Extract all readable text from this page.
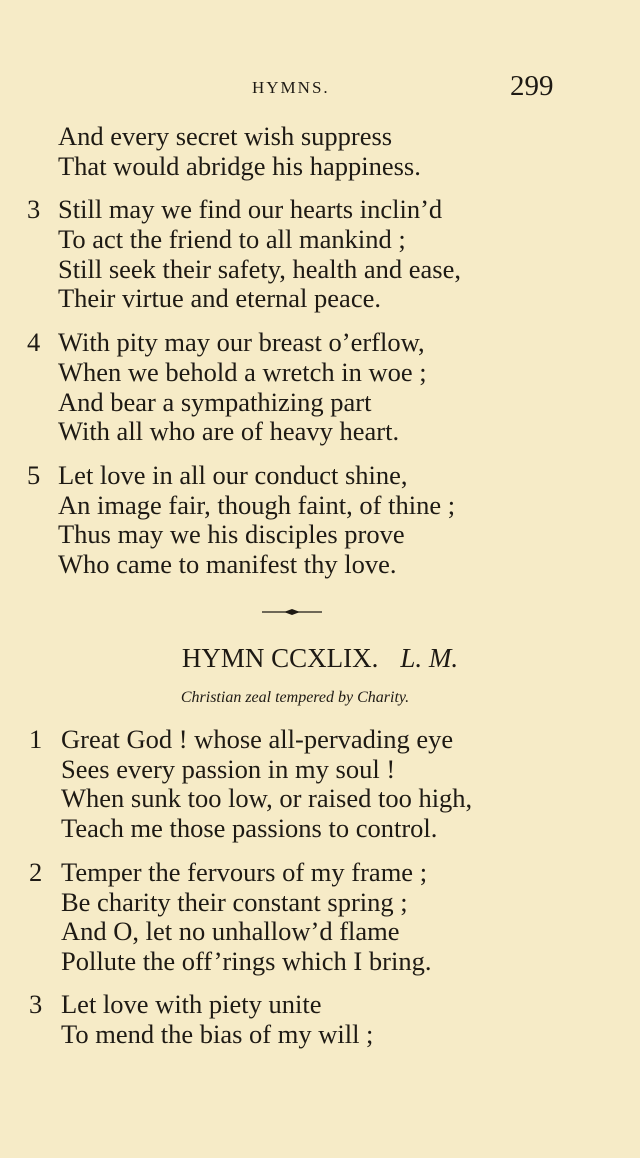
HYMNS.	299
And every secret wish suppress
That would abridge his happiness.
3 Still may we find our hearts inclin’d
To act the friend to all mankind ;
Still seek their safety, health and ease,
Their virtue and eternal peace.
4 With pity may our breast o’erflow,
When we behold a wretch in woe ;
And bear a sympathizing part
With all who are of heavy heart.
5 Let love in all our conduct shine,
An image fair, though faint, of thine ;
Thus may we his disciples prove
Who came to manifest thy love.
HYMN CCXLIX. L. M.
Christian zeal tempered by Charity.
1 Great God ! whose all-pervading eye
Sees every passion in my soul !
When sunk too low, or raised too high,
Teach me those passions to control.
2 Temper the fervours of my frame ;
Be charity their constant spring ;
And O, let no unhallow’d flame
Pollute the off’rings which I bring.
3 Let love with piety unite
To mend the bias of my will ;
